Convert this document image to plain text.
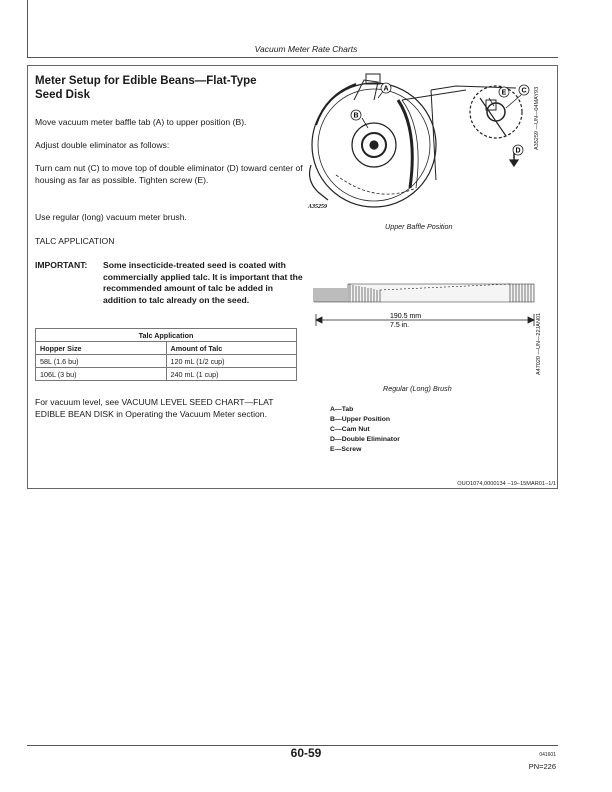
Vacuum Meter Rate Charts
Meter Setup for Edible Beans—Flat-Type Seed Disk
Move vacuum meter baffle tab (A) to upper position (B).
Adjust double eliminator as follows:
Turn cam nut (C) to move top of double eliminator (D) toward center of housing as far as possible. Tighten screw (E).
Use regular (long) vacuum meter brush.
TALC APPLICATION
IMPORTANT: Some insecticide-treated seed is coated with commercially applied talc. It is important that the recommended amount of talc be added in addition to talc already on the seed.
Talc Application	
Hopper Size	Amount of Talc
58L (1.6 bu)	120 mL (1/2 cup)
106L (3 bu)	240 mL (1 cup)
For vacuum level, see VACUUM LEVEL SEED CHART—FLAT EDIBLE BEAN DISK in Operating the Vacuum Meter section.
A
B
C
E
D
A35259
Upper Baffle Position
A35259 —UN—04MAY93
190.5 mm
7.5 in.
Regular (Long) Brush
A47020 —UN—22JAN01
A—Tab
B—Upper Position
C—Cam Nut
D—Double Eliminator
E—Screw
OUO1074,0000134 −19−15MAR01−1/1
60-59	041601
PN=226
